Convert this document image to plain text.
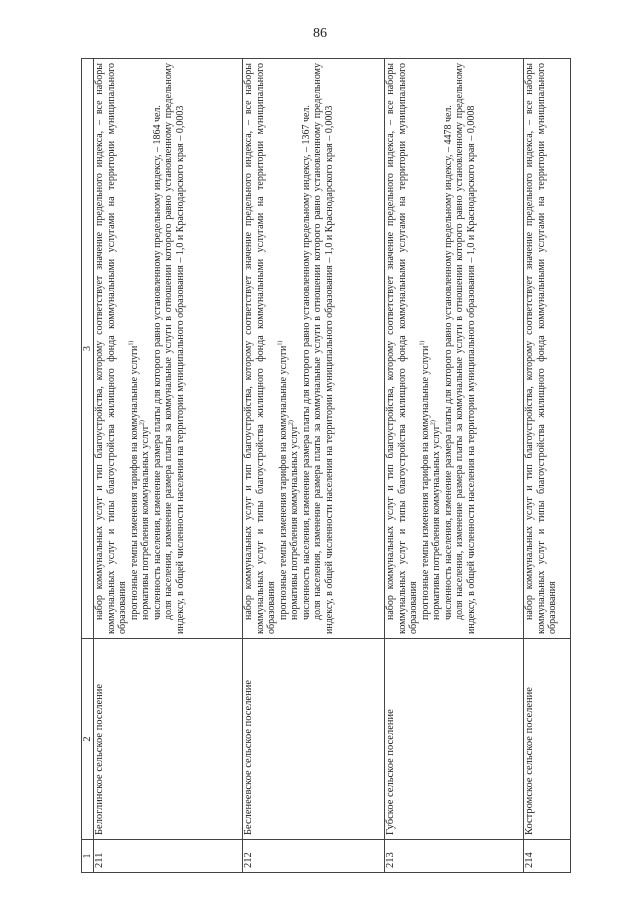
86
1	2	3
211	Белоглинское сельское поселение	набор коммунальных услуг и тип благоустройства, которому соответствует значение предельного индекса, – все наборы коммунальных услуг и типы благоустройства жилищного фонда коммунальными услугами на территории муниципального образования прогнозные темпы изменения тарифов на коммунальные услуги$^{1)}$

нормативы потребления коммунальных услуг$^{2)}$ численность населения, изменение размера платы для которого равно установленному предельному индексу, – 1864 чел. доля населения, изменение размера платы за коммунальные услуги в отношении которого равно установленному предельному индексу, в общей численности населения на территории муниципального образования – 1,0 и Краснодарского края – 0,0003

212	Бесленеевское сельское поселение	набор коммунальных услуг и тип благоустройства, которому соответствует значение предельного индекса, – все наборы коммунальных услуг и типы благоустройства жилищного фонда коммунальными услугами на территории муниципального образования прогнозные темпы изменения тарифов на коммунальные услуги$^{1)}$

нормативы потребления коммунальных услуг$^{2)}$ численность населения, изменение размера платы для которого равно установленному предельному индексу, – 1367 чел. доля населения, изменение размера платы за коммунальные услуги в отношении которого равно установленному предельному индексу, в общей численности населения на территории муниципального образования – 1,0 и Краснодарского края – 0,0003

213	Губское сельское поселение	набор коммунальных услуг и тип благоустройства, которому соответствует значение предельного индекса, – все наборы коммунальных услуг и типы благоустройства жилищного фонда коммунальными услугами на территории муниципального образования прогнозные темпы изменения тарифов на коммунальные услуги$^{1)}$

нормативы потребления коммунальных услуг$^{2)}$ численность населения, изменение размера платы для которого равно установленному предельному индексу, – 4478 чел. доля населения, изменение размера платы за коммунальные услуги в отношении которого равно установленному предельному индексу, в общей численности населения на территории муниципального образования – 1,0 и Краснодарского края – 0,0008

214	Костромское сельское поселение	набор коммунальных услуг и тип благоустройства, которому соответствует значение предельного индекса, – все наборы коммунальных услуг и типы благоустройства жилищного фонда коммунальными услугами на территории муниципального образования
